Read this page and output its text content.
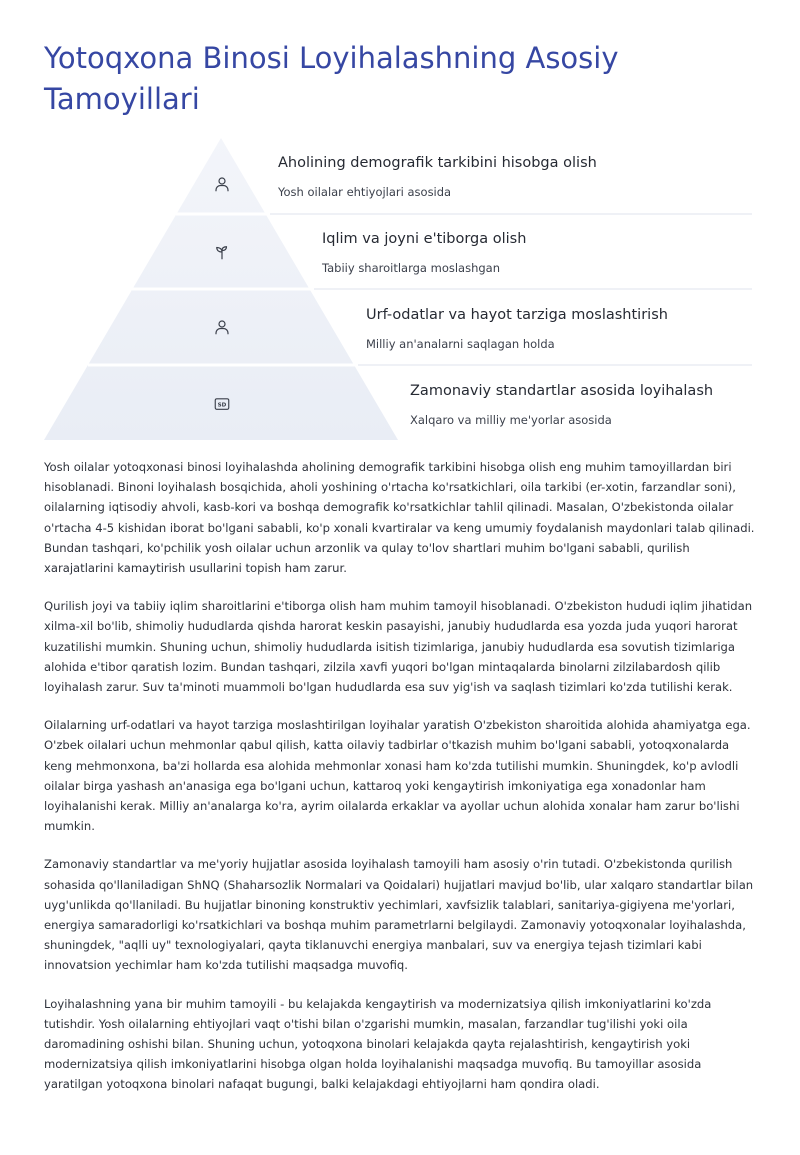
Yotoqxona Binosi Loyihalashning Asosiy Tamoyillari
Aholining demografik tarkibini hisobga olish
Yosh oilalar ehtiyojlari asosida
Iqlim va joyni e'tiborga olish
Tabiiy sharoitlarga moslashgan
Urf-odatlar va hayot tarziga moslashtirish
Milliy an'analarni saqlagan holda
SD
Zamonaviy standartlar asosida loyihalash
Xalqaro va milliy me'yorlar asosida

Yosh oilalar yotoqxonasi binosi loyihalashda aholining demografik tarkibini hisobga olish eng muhim tamoyillardan biri hisoblanadi. Binoni loyihalash bosqichida, aholi yoshining o'rtacha ko'rsatkichlari, oila tarkibi (er-xotin, farzandlar soni), oilalarning iqtisodiy ahvoli, kasb-kori va boshqa demografik ko'rsatkichlar tahlil qilinadi. Masalan, O'zbekistonda oilalar o'rtacha 4-5 kishidan iborat bo'lgani sababli, ko'p xonali kvartiralar va keng umumiy foydalanish maydonlari talab qilinadi. Bundan tashqari, ko'pchilik yosh oilalar uchun arzonlik va qulay to'lov shartlari muhim bo'lgani sababli, qurilish xarajatlarini kamaytirish usullarini topish ham zarur.

Qurilish joyi va tabiiy iqlim sharoitlarini e'tiborga olish ham muhim tamoyil hisoblanadi. O'zbekiston hududi iqlim jihatidan xilma-xil bo'lib, shimoliy hududlarda qishda harorat keskin pasayishi, janubiy hududlarda esa yozda juda yuqori harorat kuzatilishi mumkin. Shuning uchun, shimoliy hududlarda isitish tizimlariga, janubiy hududlarda esa sovutish tizimlariga alohida e'tibor qaratish lozim. Bundan tashqari, zilzila xavfi yuqori bo'lgan mintaqalarda binolarni zilzilabardosh qilib loyihalash zarur. Suv ta'minoti muammoli bo'lgan hududlarda esa suv yig'ish va saqlash tizimlari ko'zda tutilishi kerak.

Oilalarning urf-odatlari va hayot tarziga moslashtirilgan loyihalar yaratish O'zbekiston sharoitida alohida ahamiyatga ega. O'zbek oilalari uchun mehmonlar qabul qilish, katta oilaviy tadbirlar o'tkazish muhim bo'lgani sababli, yotoqxonalarda keng mehmonxona, ba'zi hollarda esa alohida mehmonlar xonasi ham ko'zda tutilishi mumkin. Shuningdek, ko'p avlodli oilalar birga yashash an'anasiga ega bo'lgani uchun, kattaroq yoki kengaytirish imkoniyatiga ega xonadonlar ham loyihalanishi kerak. Milliy an'analarga ko'ra, ayrim oilalarda erkaklar va ayollar uchun alohida xonalar ham zarur bo'lishi mumkin.

Zamonaviy standartlar va me'yoriy hujjatlar asosida loyihalash tamoyili ham asosiy o'rin tutadi. O'zbekistonda qurilish sohasida qo'llaniladigan ShNQ (Shaharsozlik Normalari va Qoidalari) hujjatlari mavjud bo'lib, ular xalqaro standartlar bilan uyg'unlikda qo'llaniladi. Bu hujjatlar binoning konstruktiv yechimlari, xavfsizlik talablari, sanitariya-gigiyena me'yorlari, energiya samaradorligi ko'rsatkichlari va boshqa muhim parametrlarni belgilaydi. Zamonaviy yotoqxonalar loyihalashda, shuningdek, "aqlli uy" texnologiyalari, qayta tiklanuvchi energiya manbalari, suv va energiya tejash tizimlari kabi innovatsion yechimlar ham ko'zda tutilishi maqsadga muvofiq.

Loyihalashning yana bir muhim tamoyili - bu kelajakda kengaytirish va modernizatsiya qilish imkoniyatlarini ko'zda tutishdir. Yosh oilalarning ehtiyojlari vaqt o'tishi bilan o'zgarishi mumkin, masalan, farzandlar tug'ilishi yoki oila daromadining oshishi bilan. Shuning uchun, yotoqxona binolari kelajakda qayta rejalashtirish, kengaytirish yoki modernizatsiya qilish imkoniyatlarini hisobga olgan holda loyihalanishi maqsadga muvofiq. Bu tamoyillar asosida yaratilgan yotoqxona binolari nafaqat bugungi, balki kelajakdagi ehtiyojlarni ham qondira oladi.
